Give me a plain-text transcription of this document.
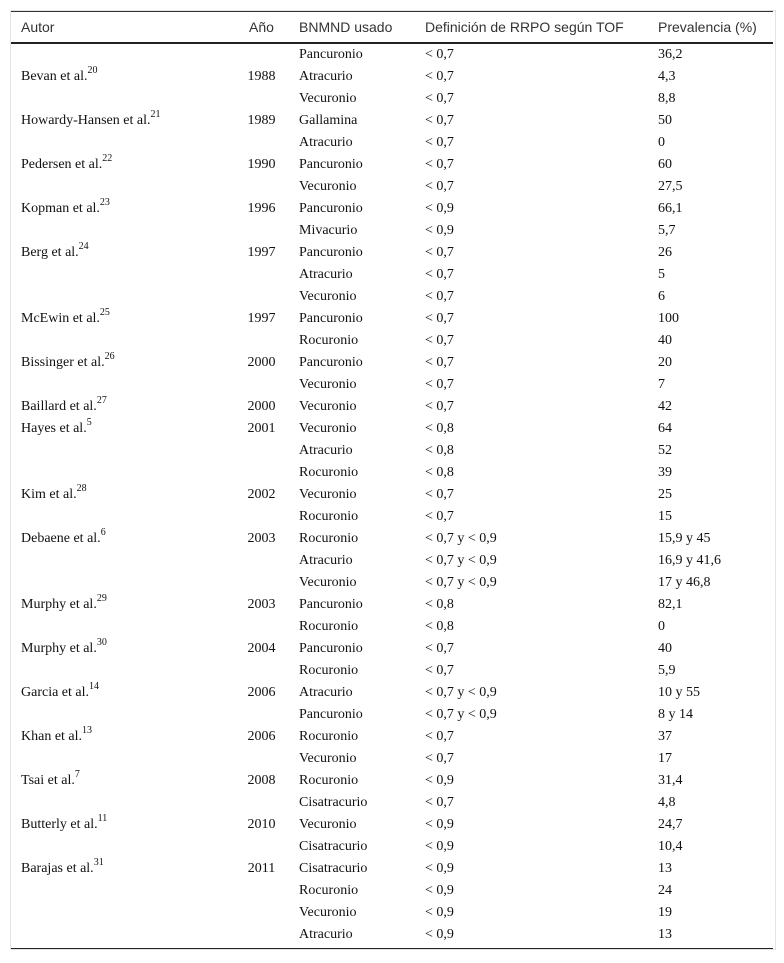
Autor	Año	BNMND usado	Definición de RRPO según TOF	Prevalencia (%)
		Pancuronio	< 0,7	36,2
Bevan et al.$^{20}$	1988	Atracurio	< 0,7	4,3
		Vecuronio	< 0,7	8,8
Howardy-Hansen et al.$^{21}$	1989	Gallamina	< 0,7	50
		Atracurio	< 0,7	0
Pedersen et al.$^{22}$	1990	Pancuronio	< 0,7	60
		Vecuronio	< 0,7	27,5
Kopman et al.$^{23}$	1996	Pancuronio	< 0,9	66,1
		Mivacurio	< 0,9	5,7
Berg et al.$^{24}$	1997	Pancuronio	< 0,7	26
		Atracurio	< 0,7	5
		Vecuronio	< 0,7	6
McEwin et al.$^{25}$	1997	Pancuronio	< 0,7	100
		Rocuronio	< 0,7	40
Bissinger et al.$^{26}$	2000	Pancuronio	< 0,7	20
		Vecuronio	< 0,7	7
Baillard et al.$^{27}$	2000	Vecuronio	< 0,7	42
Hayes et al.$^5$	2001	Vecuronio	< 0,8	64
		Atracurio	< 0,8	52
		Rocuronio	< 0,8	39
Kim et al.$^{28}$	2002	Vecuronio	< 0,7	25
		Rocuronio	< 0,7	15
Debaene et al.$^6$	2003	Rocuronio	< 0,7 y < 0,9	15,9 y 45
		Atracurio	< 0,7 y < 0,9	16,9 y 41,6
		Vecuronio	< 0,7 y < 0,9	17 y 46,8
Murphy et al.$^{29}$	2003	Pancuronio	< 0,8	82,1
		Rocuronio	< 0,8	0
Murphy et al.$^{30}$	2004	Pancuronio	< 0,7	40
		Rocuronio	< 0,7	5,9
Garcia et al.$^{14}$	2006	Atracurio	< 0,7 y < 0,9	10 y 55
		Pancuronio	< 0,7 y < 0,9	8 y 14
Khan et al.$^{13}$	2006	Rocuronio	< 0,7	37
		Vecuronio	< 0,7	17
Tsai et al.$^7$	2008	Rocuronio	< 0,9	31,4
		Cisatracurio	< 0,7	4,8
Butterly et al.$^{11}$	2010	Vecuronio	< 0,9	24,7
		Cisatracurio	< 0,9	10,4
Barajas et al.$^{31}$	2011	Cisatracurio	< 0,9	13
		Rocuronio	< 0,9	24
		Vecuronio	< 0,9	19
		Atracurio	< 0,9	13
